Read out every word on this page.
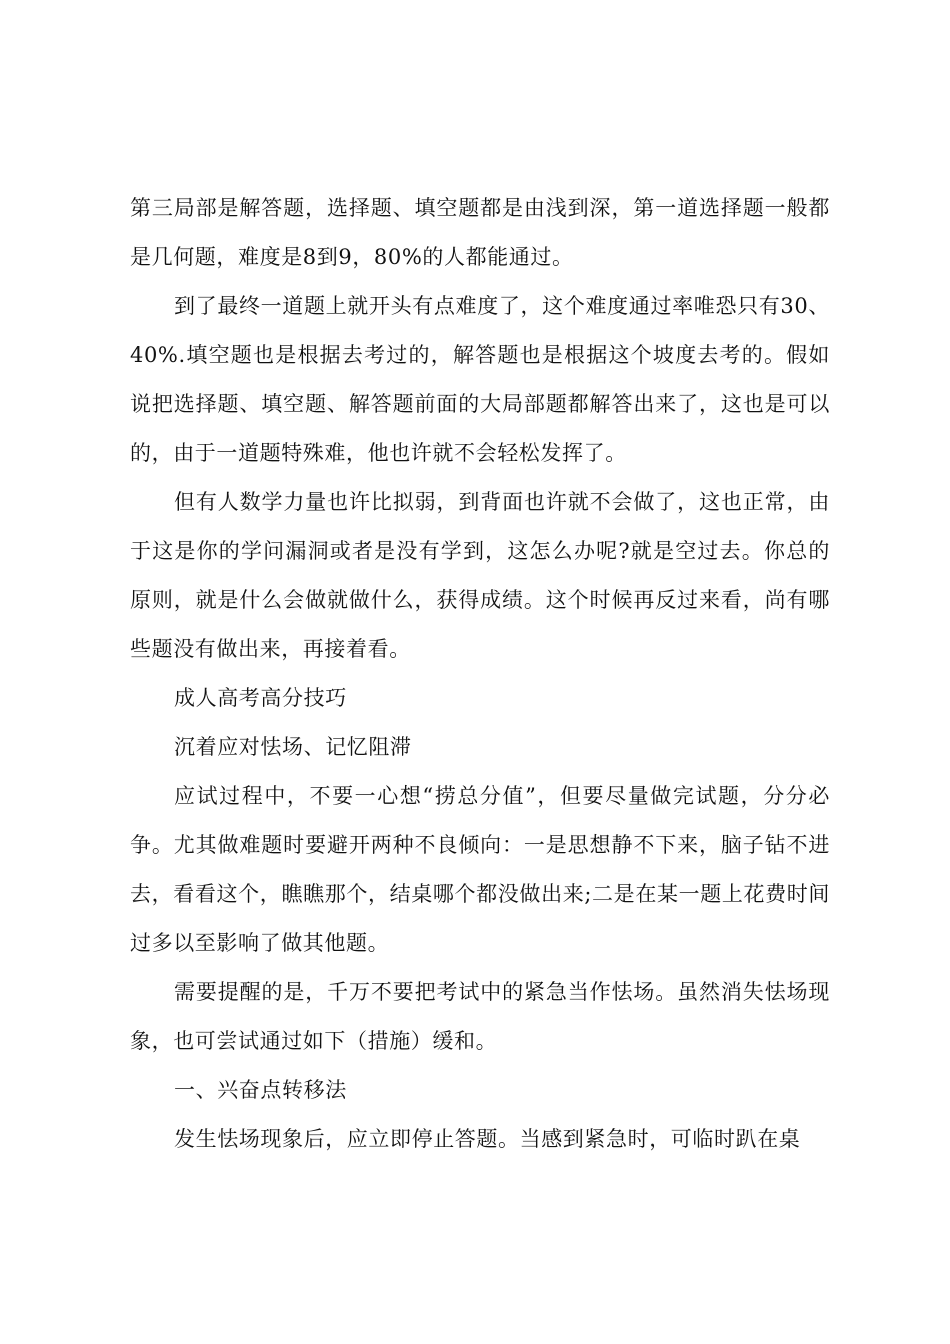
第三局部是解答题，选择题、填空题都是由浅到深，第一道选择题一般都是几何题，难度是8到9，80%的人都能通过。

到了最终一道题上就开头有点难度了，这个难度通过率唯恐只有30、40%.填空题也是根据去考过的，解答题也是根据这个坡度去考的。假如说把选择题、填空题、解答题前面的大局部题都解答出来了，这也是可以的，由于一道题特殊难，他也许就不会轻松发挥了。

但有人数学力量也许比拟弱，到背面也许就不会做了，这也正常，由于这是你的学问漏洞或者是没有学到，这怎么办呢?就是空过去。你总的原则，就是什么会做就做什么，获得成绩。这个时候再反过来看，尚有哪些题没有做出来，再接着看。

成人高考高分技巧

沉着应对怯场、记忆阻滞

应试过程中，不要一心想“捞总分值”，但要尽量做完试题，分分必争。尤其做难题时要避开两种不良倾向：一是思想静不下来，脑子钻不进去，看看这个，瞧瞧那个，结桌哪个都没做出来;二是在某一题上花费时间过多以至影响了做其他题。

需要提醒的是，千万不要把考试中的紧急当作怯场。虽然消失怯场现象，也可尝试通过如下（措施）缓和。

一、兴奋点转移法

发生怯场现象后，应立即停止答题。当感到紧急时，可临时趴在桌
